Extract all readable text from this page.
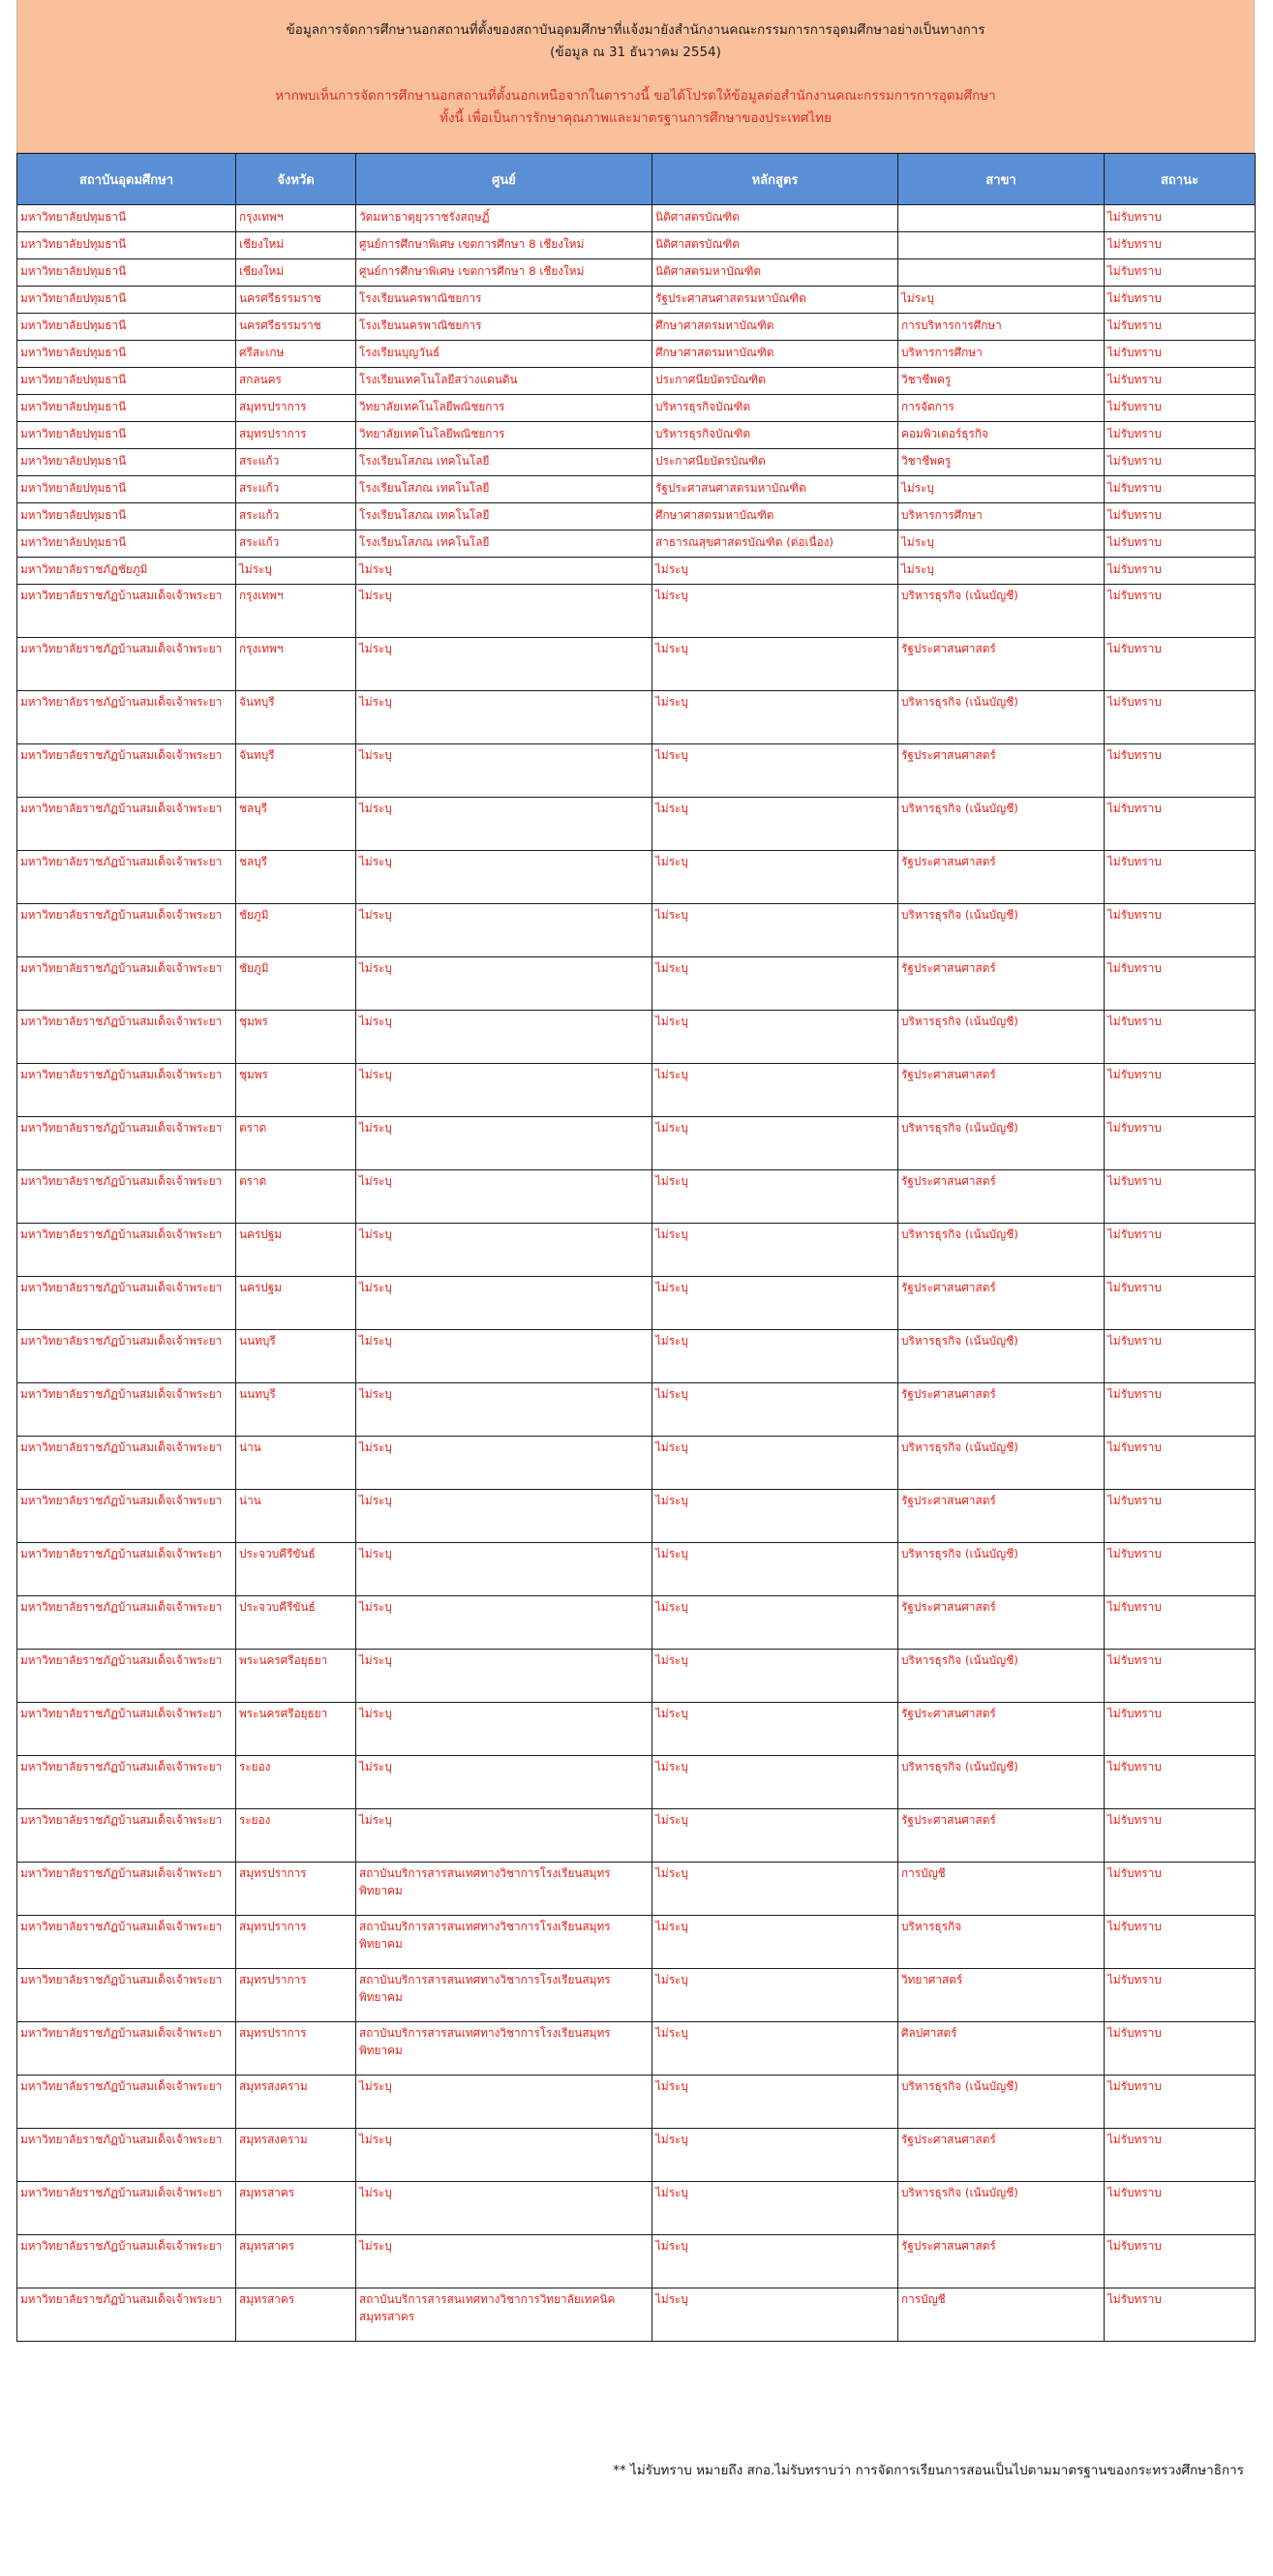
ข้อมูลการจัดการศึกษานอกสถานที่ตั้งของสถาบันอุดมศึกษาที่แจ้งมายังสำนักงานคณะกรรมการการอุดมศึกษาอย่างเป็นทางการ
(ข้อมูล ณ 31 ธันวาคม 2554)
หากพบเห็นการจัดการศึกษานอกสถานที่ตั้งนอกเหนือจากในตารางนี้ ขอได้โปรดให้ข้อมูลต่อสำนักงานคณะกรรมการการอุดมศึกษา
ทั้งนี้ เพื่อเป็นการรักษาคุณภาพและมาตรฐานการศึกษาของประเทศไทย
สถาบันอุดมศึกษา	จังหวัด	ศูนย์	หลักสูตร	สาขา	สถานะ
มหาวิทยาลัยปทุมธานี	กรุงเทพฯ	วัดมหาธาตุยุวราชรังสฤษฏิ์	นิติศาสตรบัณฑิต		ไม่รับทราบ
มหาวิทยาลัยปทุมธานี	เชียงใหม่	ศูนย์การศึกษาพิเศษ เขตการศึกษา 8 เชียงใหม่	นิติศาสตรบัณฑิต		ไม่รับทราบ
มหาวิทยาลัยปทุมธานี	เชียงใหม่	ศูนย์การศึกษาพิเศษ เขตการศึกษา 8 เชียงใหม่	นิติศาสตรมหาบัณฑิต		ไม่รับทราบ
มหาวิทยาลัยปทุมธานี	นครศรีธรรมราช	โรงเรียนนครพาณิชยการ	รัฐประศาสนศาสตรมหาบัณฑิต	ไม่ระบุ	ไม่รับทราบ
มหาวิทยาลัยปทุมธานี	นครศรีธรรมราช	โรงเรียนนครพาณิชยการ	ศึกษาศาสตรมหาบัณฑิต	การบริหารการศึกษา	ไม่รับทราบ
มหาวิทยาลัยปทุมธานี	ศรีสะเกษ	โรงเรียนบุญวันธ์	ศึกษาศาสตรมหาบัณฑิต	บริหารการศึกษา	ไม่รับทราบ
มหาวิทยาลัยปทุมธานี	สกลนคร	โรงเรียนเทคโนโลยีสว่างแดนดิน	ประกาศนียบัตรบัณฑิต	วิชาชีพครู	ไม่รับทราบ
มหาวิทยาลัยปทุมธานี	สมุทรปราการ	วิทยาลัยเทคโนโลยีพณิชยการ	บริหารธุรกิจบัณฑิต	การจัดการ	ไม่รับทราบ
มหาวิทยาลัยปทุมธานี	สมุทรปราการ	วิทยาลัยเทคโนโลยีพณิชยการ	บริหารธุรกิจบัณฑิต	คอมพิวเตอร์ธุรกิจ	ไม่รับทราบ
มหาวิทยาลัยปทุมธานี	สระแก้ว	โรงเรียนโสภณ เทคโนโลยี	ประกาศนียบัตรบัณฑิต	วิชาชีพครู	ไม่รับทราบ
มหาวิทยาลัยปทุมธานี	สระแก้ว	โรงเรียนโสภณ เทคโนโลยี	รัฐประศาสนศาสตรมหาบัณฑิต	ไม่ระบุ	ไม่รับทราบ
มหาวิทยาลัยปทุมธานี	สระแก้ว	โรงเรียนโสภณ เทคโนโลยี	ศึกษาศาสตรมหาบัณฑิต	บริหารการศึกษา	ไม่รับทราบ
มหาวิทยาลัยปทุมธานี	สระแก้ว	โรงเรียนโสภณ เทคโนโลยี	สาธารณสุขศาสตรบัณฑิต (ต่อเนื่อง)	ไม่ระบุ	ไม่รับทราบ
มหาวิทยาลัยราชภัฏชัยภูมิ	ไม่ระบุ	ไม่ระบุ	ไม่ระบุ	ไม่ระบุ	ไม่รับทราบ
มหาวิทยาลัยราชภัฏบ้านสมเด็จเจ้าพระยา	กรุงเทพฯ	ไม่ระบุ	ไม่ระบุ	บริหารธุรกิจ (เน้นบัญชี)	ไม่รับทราบ
มหาวิทยาลัยราชภัฏบ้านสมเด็จเจ้าพระยา	กรุงเทพฯ	ไม่ระบุ	ไม่ระบุ	รัฐประศาสนศาสตร์	ไม่รับทราบ
มหาวิทยาลัยราชภัฏบ้านสมเด็จเจ้าพระยา	จันทบุรี	ไม่ระบุ	ไม่ระบุ	บริหารธุรกิจ (เน้นบัญชี)	ไม่รับทราบ
มหาวิทยาลัยราชภัฏบ้านสมเด็จเจ้าพระยา	จันทบุรี	ไม่ระบุ	ไม่ระบุ	รัฐประศาสนศาสตร์	ไม่รับทราบ
มหาวิทยาลัยราชภัฏบ้านสมเด็จเจ้าพระยา	ชลบุรี	ไม่ระบุ	ไม่ระบุ	บริหารธุรกิจ (เน้นบัญชี)	ไม่รับทราบ
มหาวิทยาลัยราชภัฏบ้านสมเด็จเจ้าพระยา	ชลบุรี	ไม่ระบุ	ไม่ระบุ	รัฐประศาสนศาสตร์	ไม่รับทราบ
มหาวิทยาลัยราชภัฏบ้านสมเด็จเจ้าพระยา	ชัยภูมิ	ไม่ระบุ	ไม่ระบุ	บริหารธุรกิจ (เน้นบัญชี)	ไม่รับทราบ
มหาวิทยาลัยราชภัฏบ้านสมเด็จเจ้าพระยา	ชัยภูมิ	ไม่ระบุ	ไม่ระบุ	รัฐประศาสนศาสตร์	ไม่รับทราบ
มหาวิทยาลัยราชภัฏบ้านสมเด็จเจ้าพระยา	ชุมพร	ไม่ระบุ	ไม่ระบุ	บริหารธุรกิจ (เน้นบัญชี)	ไม่รับทราบ
มหาวิทยาลัยราชภัฏบ้านสมเด็จเจ้าพระยา	ชุมพร	ไม่ระบุ	ไม่ระบุ	รัฐประศาสนศาสตร์	ไม่รับทราบ
มหาวิทยาลัยราชภัฏบ้านสมเด็จเจ้าพระยา	ตราด	ไม่ระบุ	ไม่ระบุ	บริหารธุรกิจ (เน้นบัญชี)	ไม่รับทราบ
มหาวิทยาลัยราชภัฏบ้านสมเด็จเจ้าพระยา	ตราด	ไม่ระบุ	ไม่ระบุ	รัฐประศาสนศาสตร์	ไม่รับทราบ
มหาวิทยาลัยราชภัฏบ้านสมเด็จเจ้าพระยา	นครปฐม	ไม่ระบุ	ไม่ระบุ	บริหารธุรกิจ (เน้นบัญชี)	ไม่รับทราบ
มหาวิทยาลัยราชภัฏบ้านสมเด็จเจ้าพระยา	นครปฐม	ไม่ระบุ	ไม่ระบุ	รัฐประศาสนศาสตร์	ไม่รับทราบ
มหาวิทยาลัยราชภัฏบ้านสมเด็จเจ้าพระยา	นนทบุรี	ไม่ระบุ	ไม่ระบุ	บริหารธุรกิจ (เน้นบัญชี)	ไม่รับทราบ
มหาวิทยาลัยราชภัฏบ้านสมเด็จเจ้าพระยา	นนทบุรี	ไม่ระบุ	ไม่ระบุ	รัฐประศาสนศาสตร์	ไม่รับทราบ
มหาวิทยาลัยราชภัฏบ้านสมเด็จเจ้าพระยา	น่าน	ไม่ระบุ	ไม่ระบุ	บริหารธุรกิจ (เน้นบัญชี)	ไม่รับทราบ
มหาวิทยาลัยราชภัฏบ้านสมเด็จเจ้าพระยา	น่าน	ไม่ระบุ	ไม่ระบุ	รัฐประศาสนศาสตร์	ไม่รับทราบ
มหาวิทยาลัยราชภัฏบ้านสมเด็จเจ้าพระยา	ประจวบคีรีขันธ์	ไม่ระบุ	ไม่ระบุ	บริหารธุรกิจ (เน้นบัญชี)	ไม่รับทราบ
มหาวิทยาลัยราชภัฏบ้านสมเด็จเจ้าพระยา	ประจวบคีรีขันธ์	ไม่ระบุ	ไม่ระบุ	รัฐประศาสนศาสตร์	ไม่รับทราบ
มหาวิทยาลัยราชภัฏบ้านสมเด็จเจ้าพระยา	พระนครศรีอยุธยา	ไม่ระบุ	ไม่ระบุ	บริหารธุรกิจ (เน้นบัญชี)	ไม่รับทราบ
มหาวิทยาลัยราชภัฏบ้านสมเด็จเจ้าพระยา	พระนครศรีอยุธยา	ไม่ระบุ	ไม่ระบุ	รัฐประศาสนศาสตร์	ไม่รับทราบ
มหาวิทยาลัยราชภัฏบ้านสมเด็จเจ้าพระยา	ระยอง	ไม่ระบุ	ไม่ระบุ	บริหารธุรกิจ (เน้นบัญชี)	ไม่รับทราบ
มหาวิทยาลัยราชภัฏบ้านสมเด็จเจ้าพระยา	ระยอง	ไม่ระบุ	ไม่ระบุ	รัฐประศาสนศาสตร์	ไม่รับทราบ
มหาวิทยาลัยราชภัฏบ้านสมเด็จเจ้าพระยา	สมุทรปราการ	สถาบันบริการสารสนเทศทางวิชาการโรงเรียนสมุทรพิทยาคม	ไม่ระบุ	การบัญชี	ไม่รับทราบ
มหาวิทยาลัยราชภัฏบ้านสมเด็จเจ้าพระยา	สมุทรปราการ	สถาบันบริการสารสนเทศทางวิชาการโรงเรียนสมุทรพิทยาคม	ไม่ระบุ	บริหารธุรกิจ	ไม่รับทราบ
มหาวิทยาลัยราชภัฏบ้านสมเด็จเจ้าพระยา	สมุทรปราการ	สถาบันบริการสารสนเทศทางวิชาการโรงเรียนสมุทรพิทยาคม	ไม่ระบุ	วิทยาศาสตร์	ไม่รับทราบ
มหาวิทยาลัยราชภัฏบ้านสมเด็จเจ้าพระยา	สมุทรปราการ	สถาบันบริการสารสนเทศทางวิชาการโรงเรียนสมุทรพิทยาคม	ไม่ระบุ	ศิลปศาสตร์	ไม่รับทราบ
มหาวิทยาลัยราชภัฏบ้านสมเด็จเจ้าพระยา	สมุทรสงคราม	ไม่ระบุ	ไม่ระบุ	บริหารธุรกิจ (เน้นบัญชี)	ไม่รับทราบ
มหาวิทยาลัยราชภัฏบ้านสมเด็จเจ้าพระยา	สมุทรสงคราม	ไม่ระบุ	ไม่ระบุ	รัฐประศาสนศาสตร์	ไม่รับทราบ
มหาวิทยาลัยราชภัฏบ้านสมเด็จเจ้าพระยา	สมุทรสาคร	ไม่ระบุ	ไม่ระบุ	บริหารธุรกิจ (เน้นบัญชี)	ไม่รับทราบ
มหาวิทยาลัยราชภัฏบ้านสมเด็จเจ้าพระยา	สมุทรสาคร	ไม่ระบุ	ไม่ระบุ	รัฐประศาสนศาสตร์	ไม่รับทราบ
มหาวิทยาลัยราชภัฏบ้านสมเด็จเจ้าพระยา	สมุทรสาคร	สถาบันบริการสารสนเทศทางวิชาการวิทยาลัยเทคนิคสมุทรสาคร	ไม่ระบุ	การบัญชี	ไม่รับทราบ
** ไม่รับทราบ หมายถึง สกอ.ไม่รับทราบว่า การจัดการเรียนการสอนเป็นไปตามมาตรฐานของกระทรวงศึกษาธิการ
